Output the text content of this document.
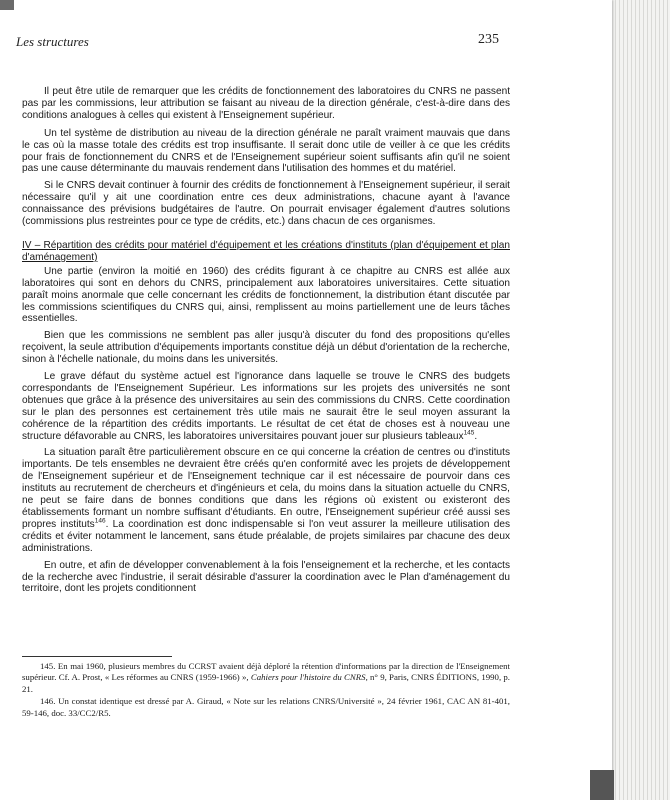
Les structures	235

Il peut être utile de remarquer que les crédits de fonctionnement des laboratoires du CNRS ne passent pas par les commissions, leur attribution se faisant au niveau de la direction générale, c'est-à-dire dans des conditions analogues à celles qui existent à l'Enseignement supérieur.

Un tel système de distribution au niveau de la direction générale ne paraît vraiment mauvais que dans le cas où la masse totale des crédits est trop insuffisante. Il serait donc utile de veiller à ce que les crédits pour frais de fonctionnement du CNRS et de l'Enseignement supérieur soient suffisants afin qu'il ne soient pas une cause déterminante du mauvais rendement dans l'utilisation des hommes et du matériel.

Si le CNRS devait continuer à fournir des crédits de fonctionnement à l'Enseignement supérieur, il serait nécessaire qu'il y ait une coordination entre ces deux administrations, chacune ayant à l'avance connaissance des prévisions budgétaires de l'autre. On pourrait envisager également d'autres solutions (commissions plus restreintes pour ce type de crédits, etc.) dans chacun de ces organismes.

IV – Répartition des crédits pour matériel d'équipement et les créations d'instituts (plan d'équipement et plan d'aménagement)

Une partie (environ la moitié en 1960) des crédits figurant à ce chapitre au CNRS est allée aux laboratoires qui sont en dehors du CNRS, principalement aux laboratoires universitaires. Cette situation paraît moins anormale que celle concernant les crédits de fonctionnement, la distribution étant discutée par les commissions scientifiques du CNRS qui, ainsi, remplissent au moins partiellement une de leurs tâches essentielles.

Bien que les commissions ne semblent pas aller jusqu'à discuter du fond des propositions qu'elles reçoivent, la seule attribution d'équipements importants constitue déjà un début d'orientation de la recherche, sinon à l'échelle nationale, du moins dans les universités.

Le grave défaut du système actuel est l'ignorance dans laquelle se trouve le CNRS des budgets correspondants de l'Enseignement Supérieur. Les informations sur les projets des universités ne sont obtenues que grâce à la présence des universitaires au sein des commissions du CNRS. Cette coordination sur le plan des personnes est certainement très utile mais ne saurait être le seul moyen assurant la cohérence de la répartition des crédits importants. Le résultat de cet état de choses est à nouveau une structure défavorable au CNRS, les laboratoires universitaires pouvant jouer sur plusieurs tableaux$^{145}$.

La situation paraît être particulièrement obscure en ce qui concerne la création de centres ou d'instituts importants. De tels ensembles ne devraient être créés qu'en conformité avec les projets de développement de l'Enseignement supérieur et de l'Enseignement technique car il est nécessaire de pourvoir dans ces instituts au recrutement de chercheurs et d'ingénieurs et cela, du moins dans la situation actuelle du CNRS, ne peut se faire dans de bonnes conditions que dans les régions où existent ou existeront des établissements formant un nombre suffisant d'étudiants. En outre, l'Enseignement supérieur créé aussi ses propres instituts$^{146}$. La coordination est donc indispensable si l'on veut assurer la meilleure utilisation des crédits et éviter notamment le lancement, sans étude préalable, de projets similaires par chacune des deux administrations.

En outre, et afin de développer convenablement à la fois l'enseignement et la recherche, et les contacts de la recherche avec l'industrie, il serait désirable d'assurer la coordination avec le Plan d'aménagement du territoire, dont les projets conditionnent

145. En mai 1960, plusieurs membres du CCRST avaient déjà déploré la rétention d'informations par la direction de l'Enseignement supérieur. Cf. A. Prost, « Les réformes au CNRS (1959-1966) », Cahiers pour l'histoire du CNRS, n° 9, Paris, CNRS ÉDITIONS, 1990, p. 21.

146. Un constat identique est dressé par A. Giraud, « Note sur les relations CNRS/Université », 24 février 1961, CAC AN 81-401, 59-146, doc. 33/CC2/R5.
